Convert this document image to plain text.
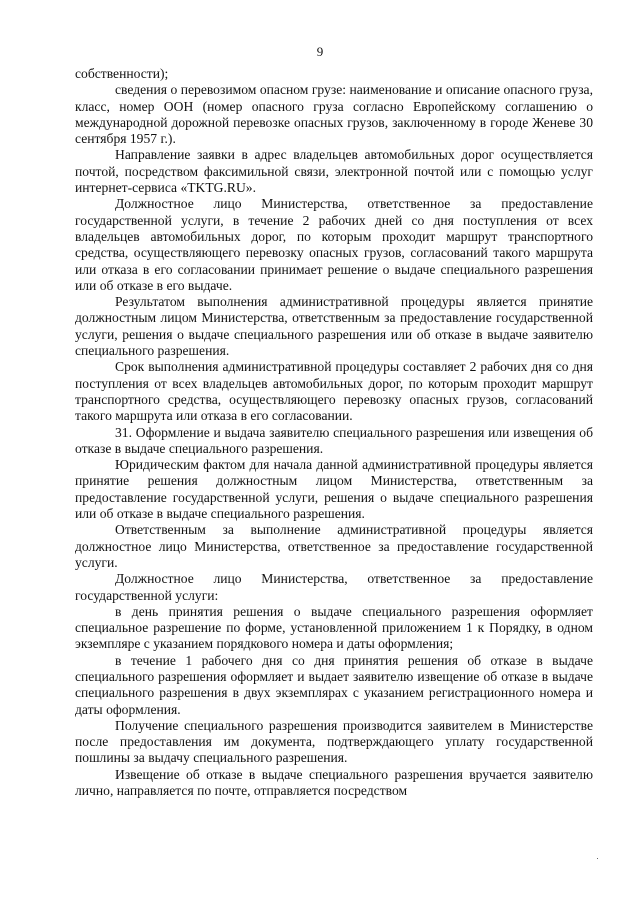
9

собственности);

сведения о перевозимом опасном грузе: наименование и описание опасного груза, класс, номер ООН (номер опасного груза согласно Европейскому соглашению о международной дорожной перевозке опасных грузов, заключенному в городе Женеве 30 сентября 1957 г.).

Направление заявки в адрес владельцев автомобильных дорог осуществляется почтой, посредством факсимильной связи, электронной почтой или с помощью услуг интернет-сервиса «TKTG.RU».

Должностное лицо Министерства, ответственное за предоставление государственной услуги, в течение 2 рабочих дней со дня поступления от всех владельцев автомобильных дорог, по которым проходит маршрут транспортного средства, осуществляющего перевозку опасных грузов, согласований такого маршрута или отказа в его согласовании принимает решение о выдаче специального разрешения или об отказе в его выдаче.

Результатом выполнения административной процедуры является принятие должностным лицом Министерства, ответственным за предоставление государственной услуги, решения о выдаче специального разрешения или об отказе в выдаче заявителю специального разрешения.

Срок выполнения административной процедуры составляет 2 рабочих дня со дня поступления от всех владельцев автомобильных дорог, по которым проходит маршрут транспортного средства, осуществляющего перевозку опасных грузов, согласований такого маршрута или отказа в его согласовании.

31. Оформление и выдача заявителю специального разрешения или извещения об отказе в выдаче специального разрешения.

Юридическим фактом для начала данной административной процедуры является принятие решения должностным лицом Министерства, ответственным за предоставление государственной услуги, решения о выдаче специального разрешения или об отказе в выдаче специального разрешения.

Ответственным за выполнение административной процедуры является должностное лицо Министерства, ответственное за предоставление государственной услуги.

Должностное лицо Министерства, ответственное за предоставление государственной услуги:

в день принятия решения о выдаче специального разрешения оформляет специальное разрешение по форме, установленной приложением 1 к Порядку, в одном экземпляре с указанием порядкового номера и даты оформления;

в течение 1 рабочего дня со дня принятия решения об отказе в выдаче специального разрешения оформляет и выдает заявителю извещение об отказе в выдаче специального разрешения в двух экземплярах с указанием регистрационного номера и даты оформления.

Получение специального разрешения производится заявителем в Министерстве после предоставления им документа, подтверждающего уплату государственной пошлины за выдачу специального разрешения.

Извещение об отказе в выдаче специального разрешения вручается заявителю лично, направляется по почте, отправляется посредством
